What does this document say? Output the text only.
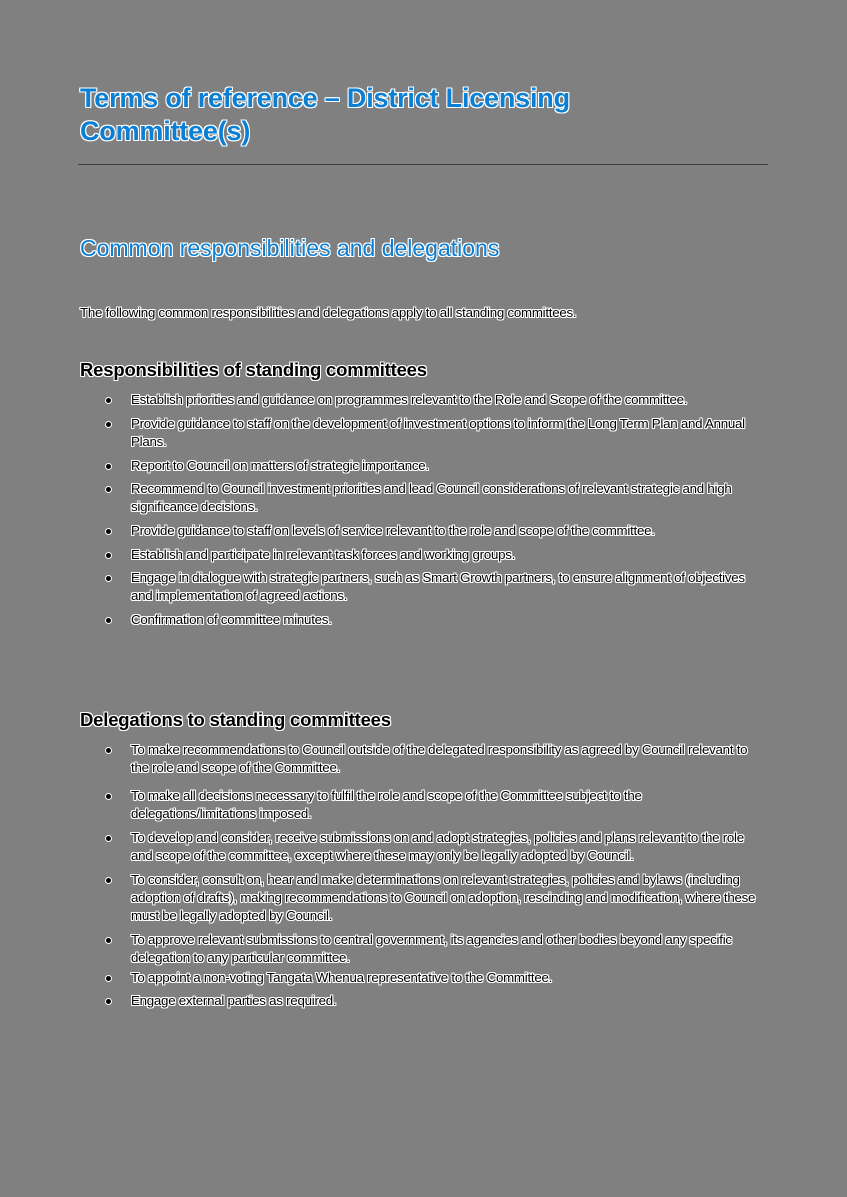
Terms of reference – District Licensing Committee(s)
Common responsibilities and delegations

The following common responsibilities and delegations apply to all standing committees.

Responsibilities of standing committees
Establish priorities and guidance on programmes relevant to the Role and Scope of the committee.
Provide guidance to staff on the development of investment options to inform the Long Term Plan and Annual Plans.
Report to Council on matters of strategic importance.
Recommend to Council investment priorities and lead Council considerations of relevant strategic and high significance decisions.
Provide guidance to staff on levels of service relevant to the role and scope of the committee.
Establish and participate in relevant task forces and working groups.
Engage in dialogue with strategic partners, such as Smart Growth partners, to ensure alignment of objectives and implementation of agreed actions.
Confirmation of committee minutes.
Delegations to standing committees
To make recommendations to Council outside of the delegated responsibility as agreed by Council relevant to the role and scope of the Committee.
To make all decisions necessary to fulfil the role and scope of the Committee subject to the delegations/limitations imposed.
To develop and consider, receive submissions on and adopt strategies, policies and plans relevant to the role and scope of the committee, except where these may only be legally adopted by Council.
To consider, consult on, hear and make determinations on relevant strategies, policies and bylaws (including adoption of drafts), making recommendations to Council on adoption, rescinding and modification, where these must be legally adopted by Council.
To approve relevant submissions to central government, its agencies and other bodies beyond any specific delegation to any particular committee.
To appoint a non-voting Tangata Whenua representative to the Committee.
Engage external parties as required.
